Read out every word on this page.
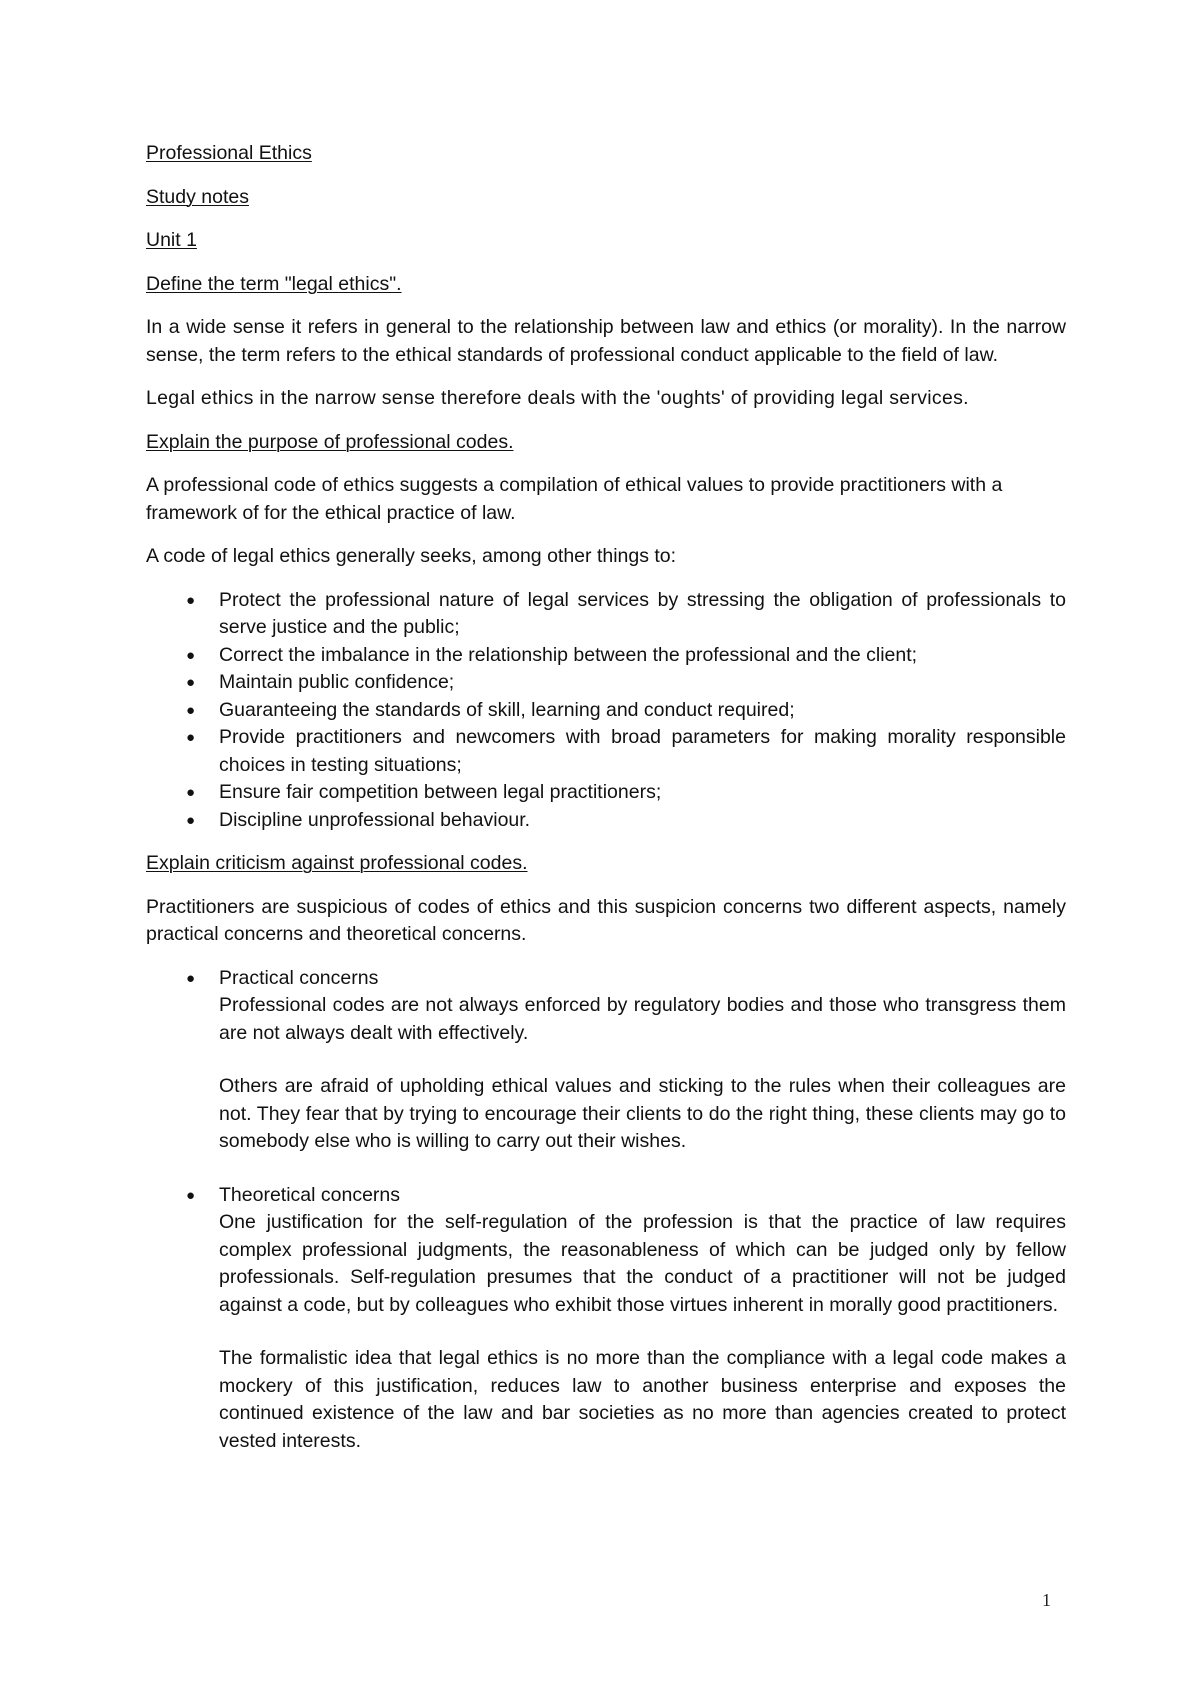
Professional Ethics

Study notes

Unit 1

Define the term "legal ethics".

In a wide sense it refers in general to the relationship between law and ethics (or morality). In the narrow sense, the term refers to the ethical standards of professional conduct applicable to the field of law.

Legal ethics in the narrow sense therefore deals with the 'oughts' of providing legal services.

Explain the purpose of professional codes.

A professional code of ethics suggests a compilation of ethical values to provide practitioners with a framework of for the ethical practice of law.

A code of legal ethics generally seeks, among other things to:

● Protect the professional nature of legal services by stressing the obligation of professionals to serve justice and the public;
● Correct the imbalance in the relationship between the professional and the client;
● Maintain public confidence;
● Guaranteeing the standards of skill, learning and conduct required;
● Provide practitioners and newcomers with broad parameters for making morality responsible choices in testing situations;
● Ensure fair competition between legal practitioners;
● Discipline unprofessional behaviour.

Explain criticism against professional codes.

Practitioners are suspicious of codes of ethics and this suspicion concerns two different aspects, namely practical concerns and theoretical concerns.

● Practical concerns

Professional codes are not always enforced by regulatory bodies and those who transgress them are not always dealt with effectively.

Others are afraid of upholding ethical values and sticking to the rules when their colleagues are not. They fear that by trying to encourage their clients to do the right thing, these clients may go to somebody else who is willing to carry out their wishes.

● Theoretical concerns

One justification for the self-regulation of the profession is that the practice of law requires complex professional judgments, the reasonableness of which can be judged only by fellow professionals. Self-regulation presumes that the conduct of a practitioner will not be judged against a code, but by colleagues who exhibit those virtues inherent in morally good practitioners.

The formalistic idea that legal ethics is no more than the compliance with a legal code makes a mockery of this justification, reduces law to another business enterprise and exposes the continued existence of the law and bar societies as no more than agencies created to protect vested interests.

1
